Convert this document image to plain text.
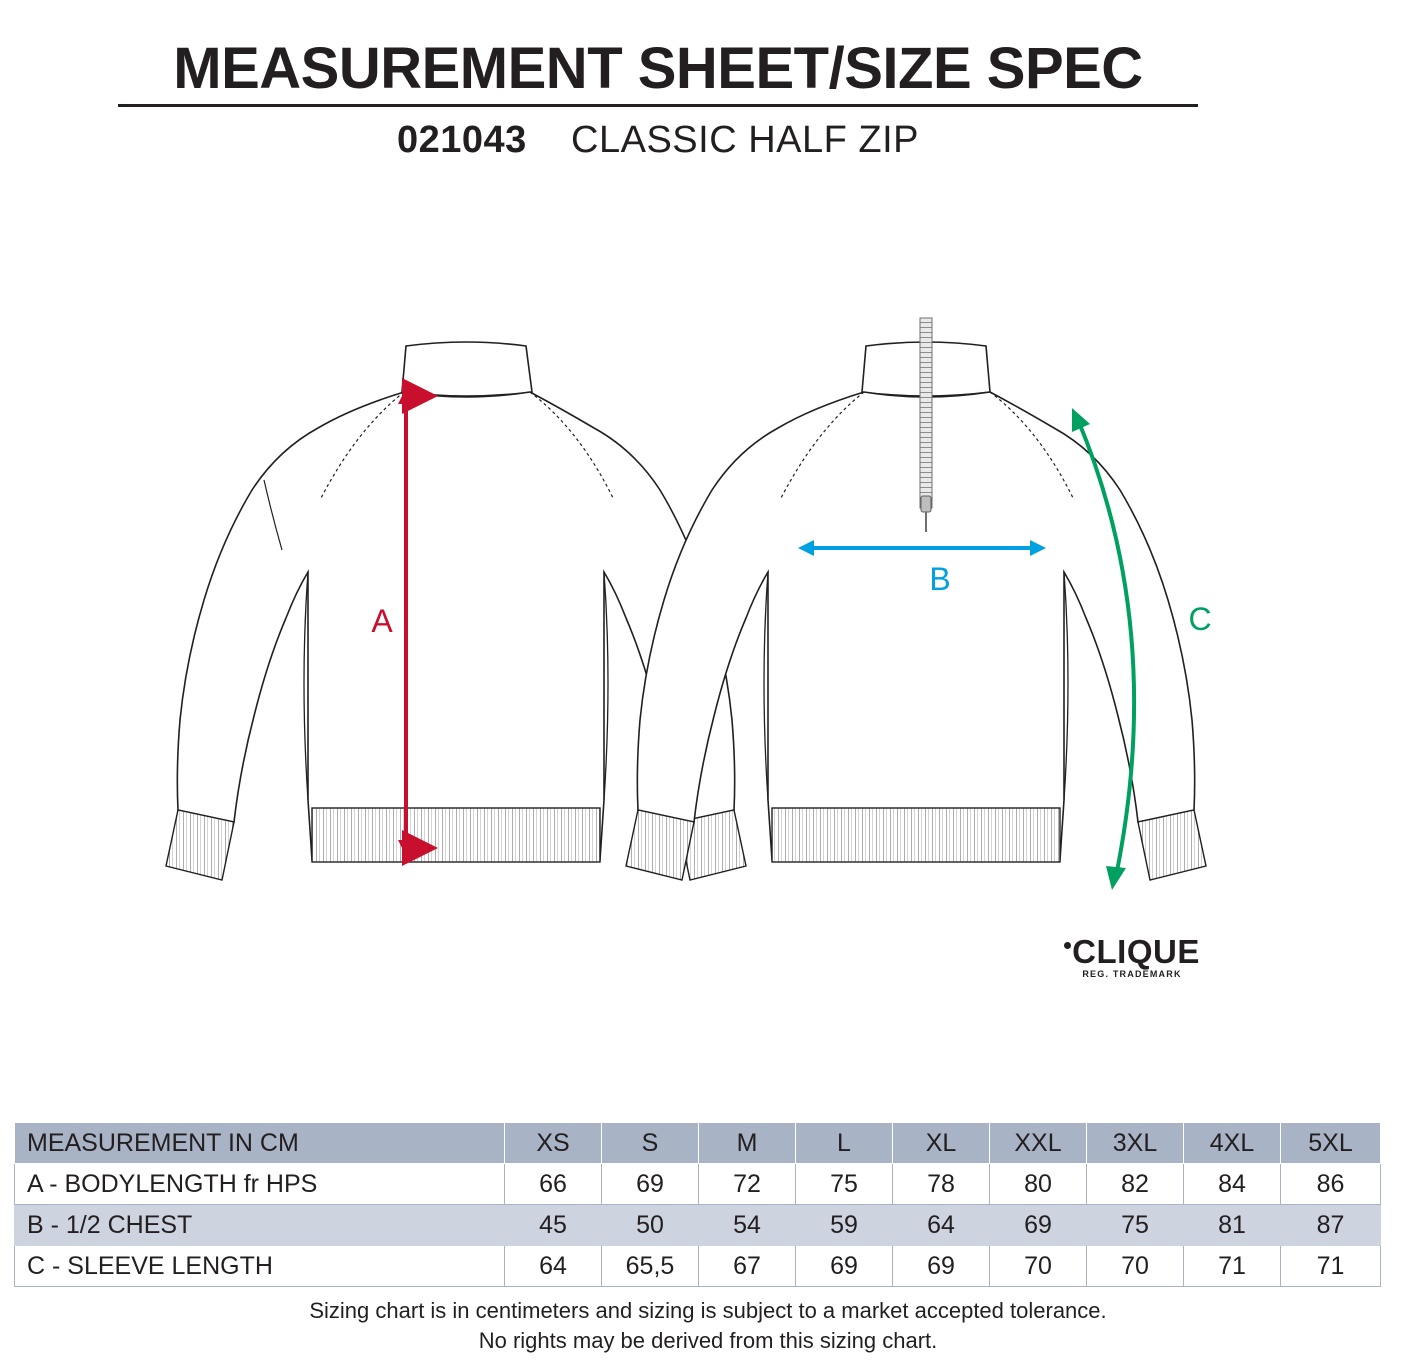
MEASUREMENT SHEET/SIZE SPEC
021043 CLASSIC HALF ZIP
A
B
C
CLIQUE
REG. TRADEMARK
MEASUREMENT IN CM	XS	S	M	L	XL	XXL	3XL	4XL	5XL
A - BODYLENGTH fr HPS	66	69	72	75	78	80	82	84	86
B - 1/2 CHEST	45	50	54	59	64	69	75	81	87
C - SLEEVE LENGTH	64	65,5	67	69	69	70	70	71	71
Sizing chart is in centimeters and sizing is subject to a market accepted tolerance.
No rights may be derived from this sizing chart.
